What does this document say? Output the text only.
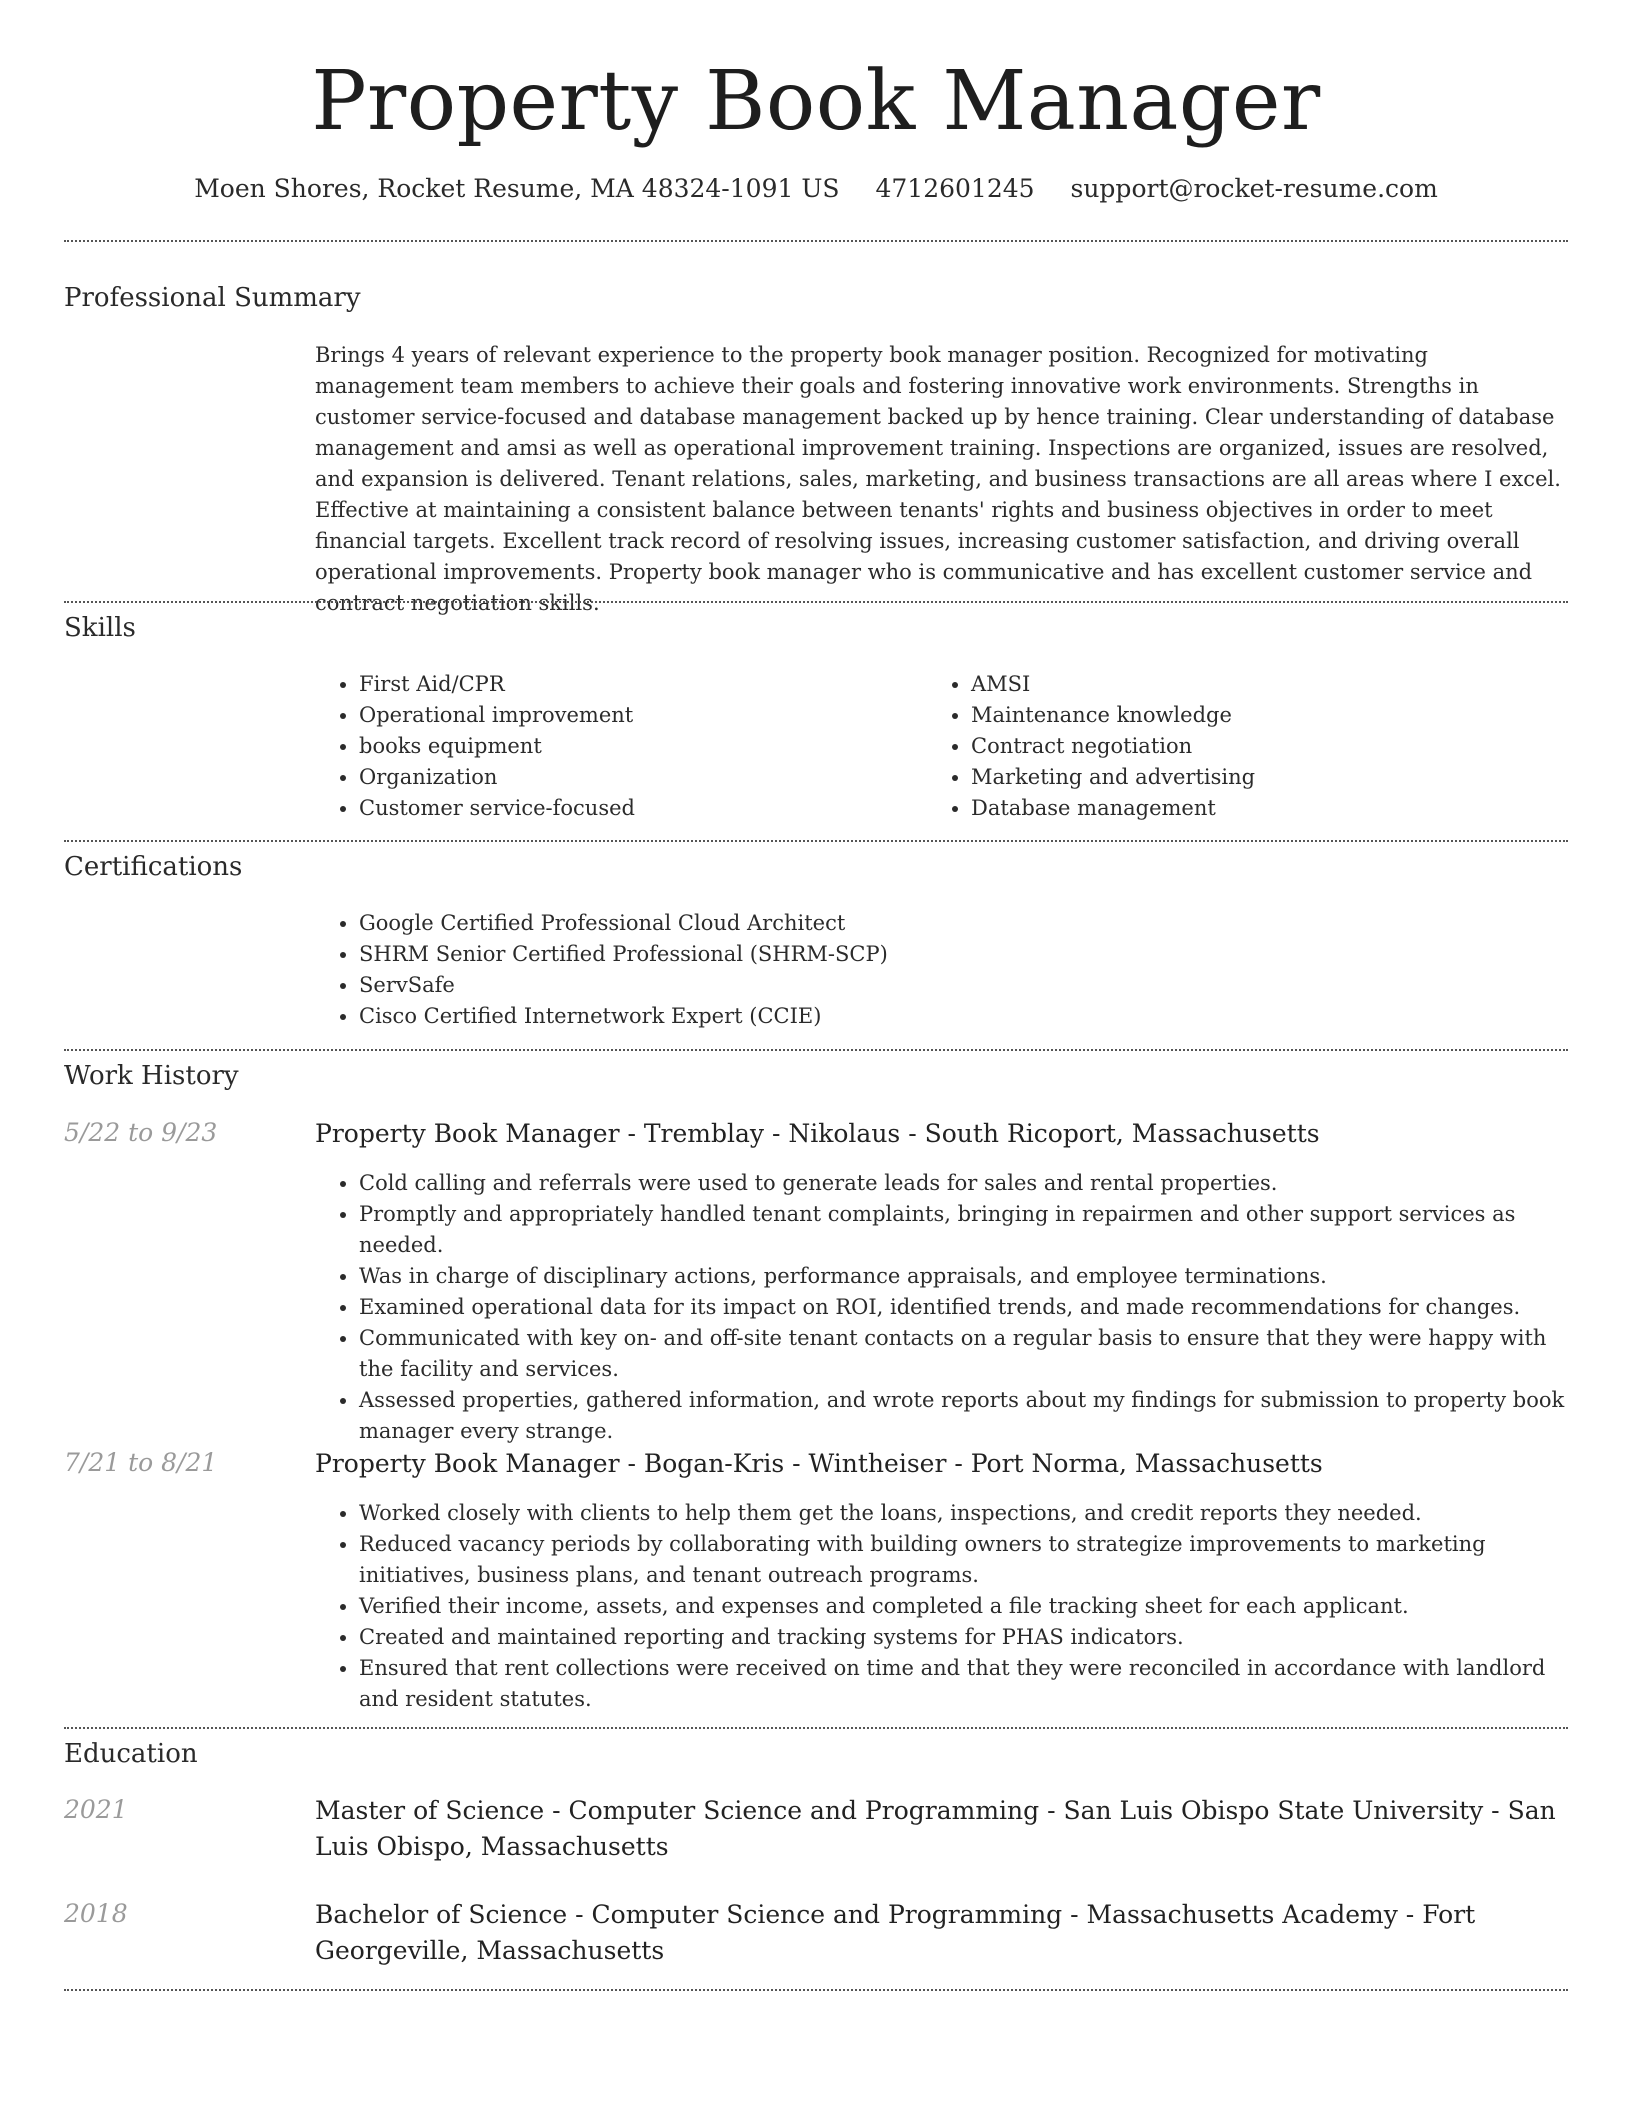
Property Book Manager
Moen Shores, Rocket Resume, MA 48324-1091 US 4712601245 support@rocket-resume.com
Professional Summary
Brings 4 years of relevant experience to the property book manager position. Recognized for motivating management team members to achieve their goals and fostering innovative work environments. Strengths in customer service-focused and database management backed up by hence training. Clear understanding of database management and amsi as well as operational improvement training. Inspections are organized, issues are resolved, and expansion is delivered. Tenant relations, sales, marketing, and business transactions are all areas where I excel. Effective at maintaining a consistent balance between tenants' rights and business objectives in order to meet financial targets. Excellent track record of resolving issues, increasing customer satisfaction, and driving overall operational improvements. Property book manager who is communicative and has excellent customer service and contract negotiation skills.
Skills
• First Aid/CPR
• Operational improvement
• books equipment
• Organization
• Customer service-focused
• AMSI
• Maintenance knowledge
• Contract negotiation
• Marketing and advertising
• Database management
Certifications
• Google Certified Professional Cloud Architect
• SHRM Senior Certified Professional (SHRM-SCP)
• ServSafe
• Cisco Certified Internetwork Expert (CCIE)
Work History
5/22 to 9/23	Property Book Manager - Tremblay - Nikolaus - South Ricoport, Massachusetts
• Cold calling and referrals were used to generate leads for sales and rental properties.
• Promptly and appropriately handled tenant complaints, bringing in repairmen and other support services as needed.
• Was in charge of disciplinary actions, performance appraisals, and employee terminations.
• Examined operational data for its impact on ROI, identified trends, and made recommendations for changes.
• Communicated with key on- and off-site tenant contacts on a regular basis to ensure that they were happy with the facility and services.
• Assessed properties, gathered information, and wrote reports about my findings for submission to property book manager every strange.
7/21 to 8/21	Property Book Manager - Bogan-Kris - Wintheiser - Port Norma, Massachusetts
• Worked closely with clients to help them get the loans, inspections, and credit reports they needed.
• Reduced vacancy periods by collaborating with building owners to strategize improvements to marketing initiatives, business plans, and tenant outreach programs.
• Verified their income, assets, and expenses and completed a file tracking sheet for each applicant.
• Created and maintained reporting and tracking systems for PHAS indicators.
• Ensured that rent collections were received on time and that they were reconciled in accordance with landlord and resident statutes.
Education
2021	Master of Science - Computer Science and Programming - San Luis Obispo State University - San Luis Obispo, Massachusetts
2018	Bachelor of Science - Computer Science and Programming - Massachusetts Academy - Fort Georgeville, Massachusetts
